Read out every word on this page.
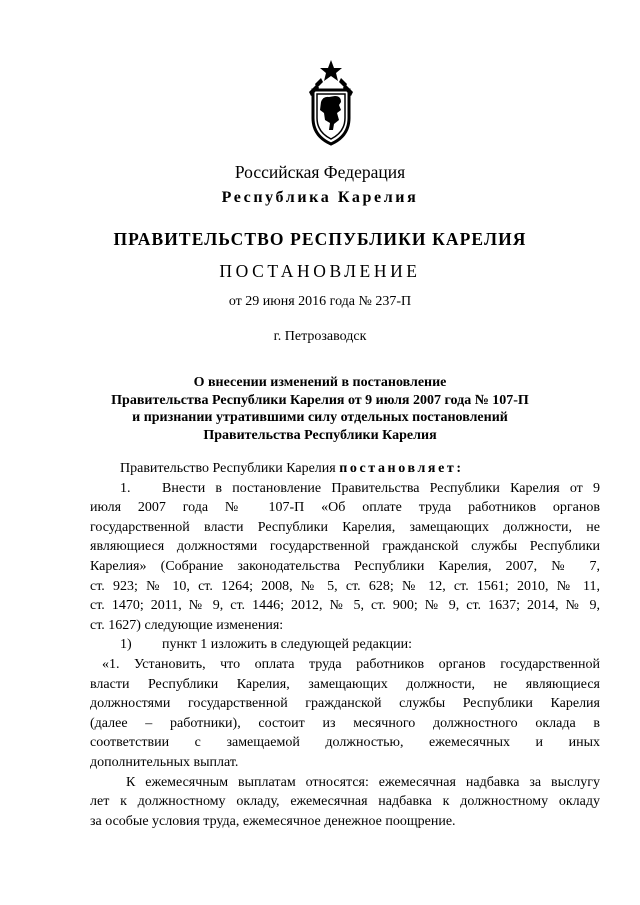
Российская Федерация
Республика Карелия
ПРАВИТЕЛЬСТВО РЕСПУБЛИКИ КАРЕЛИЯ
ПОСТАНОВЛЕНИЕ
от 29 июня 2016 года № 237-П
г. Петрозаводск
О внесении изменений в постановление
Правительства Республики Карелия от 9 июля 2007 года № 107-П
и признании утратившими силу отдельных постановлений
Правительства Республики Карелия
Правительство Республики Карелия постановляет:
1. Внести в постановление Правительства Республики Карелия от 9
июля 2007 года № 107-П «Об оплате труда работников органов
государственной власти Республики Карелия, замещающих должности, не
являющиеся должностями государственной гражданской службы Республики
Карелия» (Собрание законодательства Республики Карелия, 2007, № 7,
ст. 923; № 10, ст. 1264; 2008, № 5, ст. 628; № 12, ст. 1561; 2010, № 11,
ст. 1470; 2011, № 9, ст. 1446; 2012, № 5, ст. 900; № 9, ст. 1637; 2014, № 9,
ст. 1627) следующие изменения:
1) пункт 1 изложить в следующей редакции:
«1. Установить, что оплата труда работников органов государственной
власти Республики Карелия, замещающих должности, не являющиеся
должностями государственной гражданской службы Республики Карелия
(далее – работники), состоит из месячного должностного оклада в
соответствии с замещаемой должностью, ежемесячных и иных
дополнительных выплат.
К ежемесячным выплатам относятся: ежемесячная надбавка за выслугу
лет к должностному окладу, ежемесячная надбавка к должностному окладу
за особые условия труда, ежемесячное денежное поощрение.
